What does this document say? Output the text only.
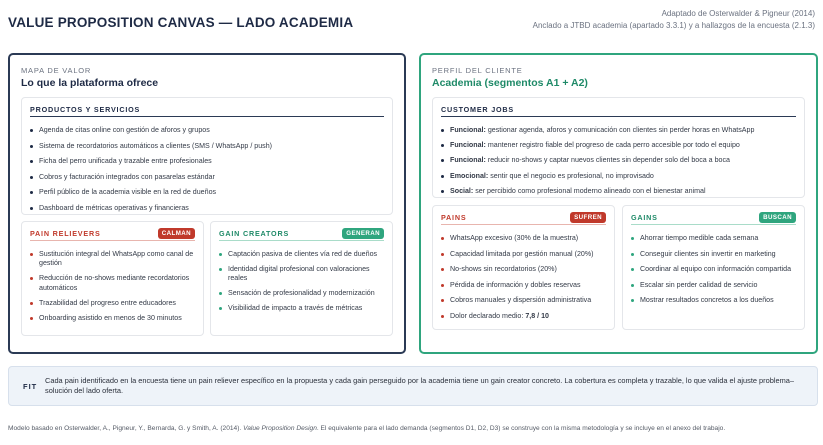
VALUE PROPOSITION CANVAS — LADO ACADEMIA
Adaptado de Osterwalder & Pigneur (2014)
Anclado a JTBD academia (apartado 3.3.1) y a hallazgos de la encuesta (2.1.3)
MAPA DE VALOR
Lo que la plataforma ofrece
PRODUCTOS Y SERVICIOS
Agenda de citas online con gestión de aforos y grupos
Sistema de recordatorios automáticos a clientes (SMS / WhatsApp / push)
Ficha del perro unificada y trazable entre profesionales
Cobros y facturación integrados con pasarelas estándar
Perfil público de la academia visible en la red de dueños
Dashboard de métricas operativas y financieras
PAIN RELIEVERS	CALMAN
Sustitución integral del WhatsApp como canal de gestión
Reducción de no-shows mediante recordatorios automáticos
Trazabilidad del progreso entre educadores
Onboarding asistido en menos de 30 minutos
GAIN CREATORS	GENERAN
Captación pasiva de clientes vía red de dueños
Identidad digital profesional con valoraciones reales
Sensación de profesionalidad y modernización
Visibilidad de impacto a través de métricas
PERFIL DEL CLIENTE
Academia (segmentos A1 + A2)
CUSTOMER JOBS
Funcional: gestionar agenda, aforos y comunicación con clientes sin perder horas en WhatsApp
Funcional: mantener registro fiable del progreso de cada perro accesible por todo el equipo
Funcional: reducir no-shows y captar nuevos clientes sin depender solo del boca a boca
Emocional: sentir que el negocio es profesional, no improvisado
Social: ser percibido como profesional moderno alineado con el bienestar animal
PAINS	SUFREN
WhatsApp excesivo (30% de la muestra)
Capacidad limitada por gestión manual (20%)
No-shows sin recordatorios (20%)
Pérdida de información y dobles reservas
Cobros manuales y dispersión administrativa
Dolor declarado medio: 7,8 / 10
GAINS	BUSCAN
Ahorrar tiempo medible cada semana
Conseguir clientes sin invertir en marketing
Coordinar al equipo con información compartida
Escalar sin perder calidad de servicio
Mostrar resultados concretos a los dueños
FIT
Cada pain identificado en la encuesta tiene un pain reliever específico en la propuesta y cada gain perseguido por la academia tiene un gain creator concreto. La cobertura es completa y trazable, lo que valida el ajuste problema–solución del lado oferta.
Modelo basado en Osterwalder, A., Pigneur, Y., Bernarda, G. y Smith, A. (2014). Value Proposition Design. El equivalente para el lado demanda (segmentos D1, D2, D3) se construye con la misma metodología y se incluye en el anexo del trabajo.
